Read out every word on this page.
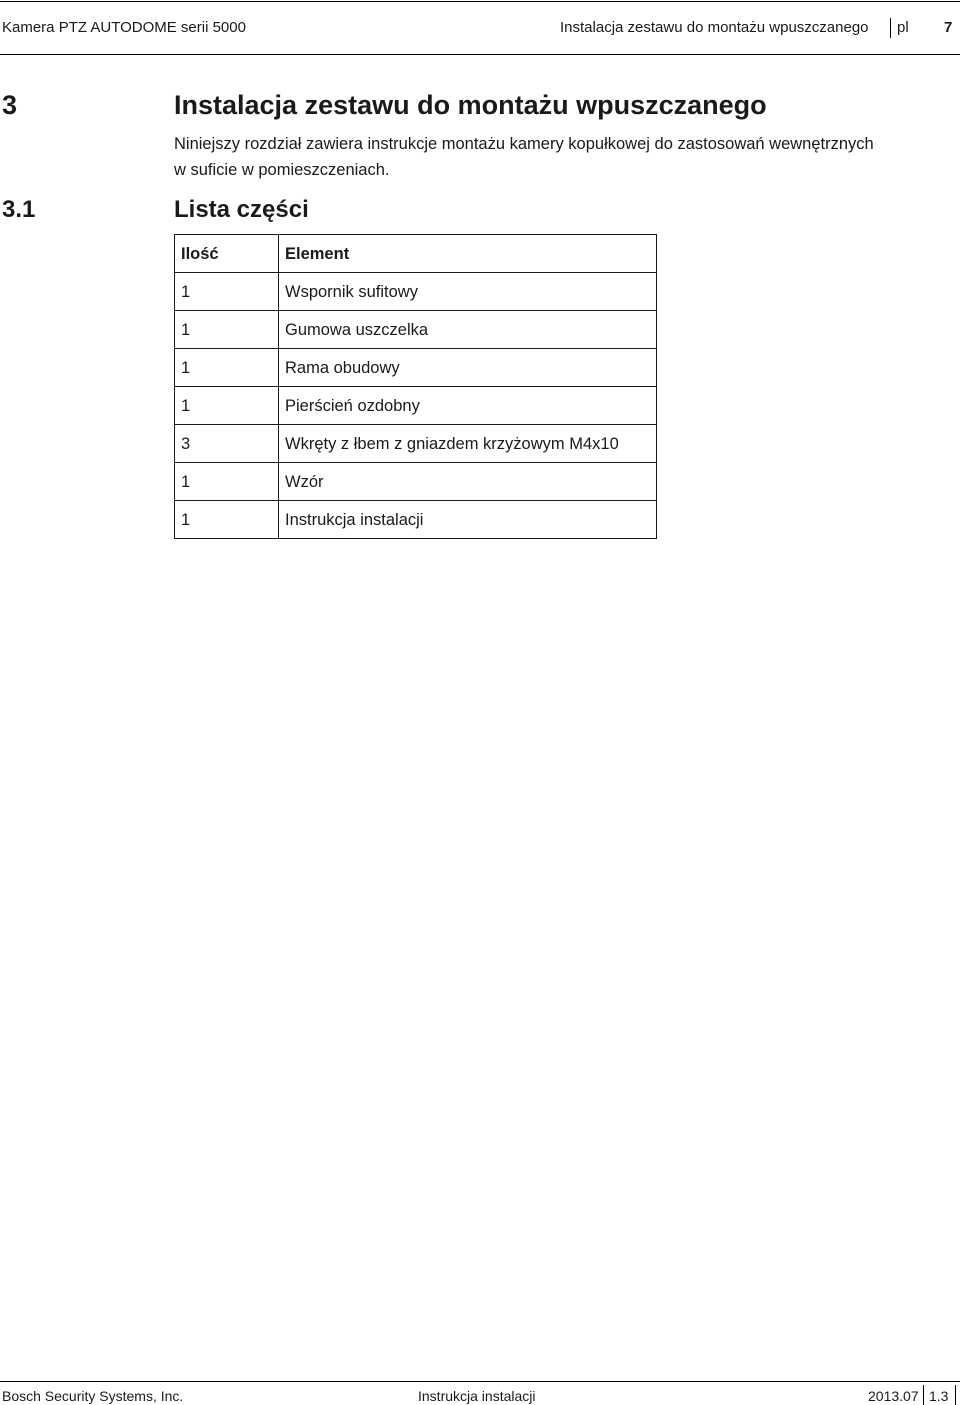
Kamera PTZ AUTODOME serii 5000	Instalacja zestawu do montażu wpuszczanego pl 7
3	Instalacja zestawu do montażu wpuszczanego

Niniejszy rozdział zawiera instrukcje montażu kamery kopułkowej do zastosowań wewnętrznych w suficie w pomieszczeniach.

3.1	Lista części
Ilość	Element
1	Wspornik sufitowy
1	Gumowa uszczelka
1	Rama obudowy
1	Pierścień ozdobny
3	Wkręty z łbem z gniazdem krzyżowym M4x10
1	Wzór
1	Instrukcja instalacji
Bosch Security Systems, Inc.	Instrukcja instalacji	2013.07 1.3
